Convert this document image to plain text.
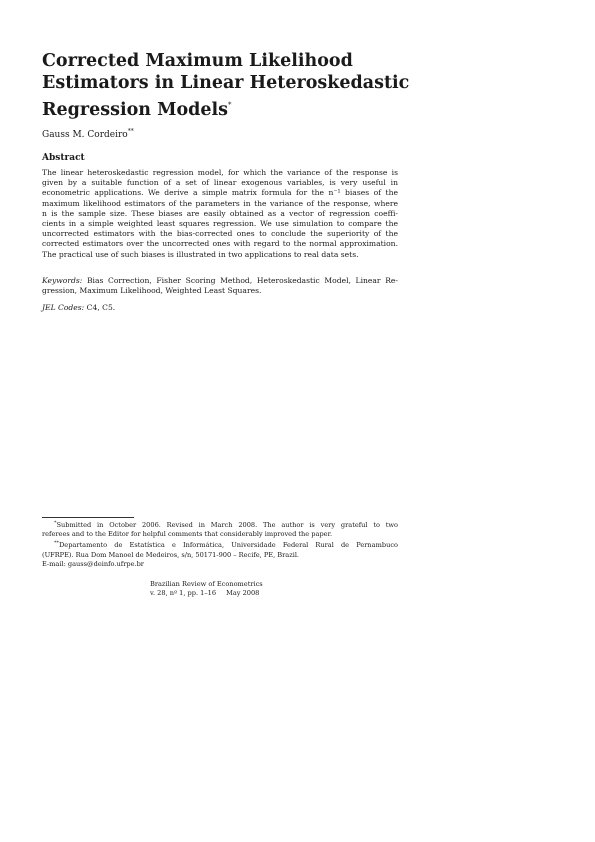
Corrected Maximum Likelihood
Estimators in Linear Heteroskedastic
Regression Models*
Gauss M. Cordeiro**
Abstract

The linear heteroskedastic regression model, for which the variance of the response is
given by a suitable function of a set of linear exogenous variables, is very useful in
econometric applications. We derive a simple matrix formula for the n⁻¹ biases of the
maximum likelihood estimators of the parameters in the variance of the response, where
n is the sample size. These biases are easily obtained as a vector of regression coeffi-
cients in a simple weighted least squares regression. We use simulation to compare the
uncorrected estimators with the bias-corrected ones to conclude the superiority of the
corrected estimators over the uncorrected ones with regard to the normal approximation.
The practical use of such biases is illustrated in two applications to real data sets.

Keywords: Bias Correction, Fisher Scoring Method, Heteroskedastic Model, Linear Re-
gression, Maximum Likelihood, Weighted Least Squares.
JEL Codes: C4, C5.
*Submitted in October 2006. Revised in March 2008. The author is very grateful to two
referees and to the Editor for helpful comments that considerably improved the paper.
**Departamento de Estatística e Informática, Universidade Federal Rural de Pernambuco
(UFRPE). Rua Dom Manoel de Medeiros, s/n, 50171-900 – Recife, PE, Brazil.
E-mail: gauss@deinfo.ufrpe.br
Brazilian Review of Econometrics
v. 28, nº 1, pp. 1–16 May 2008
